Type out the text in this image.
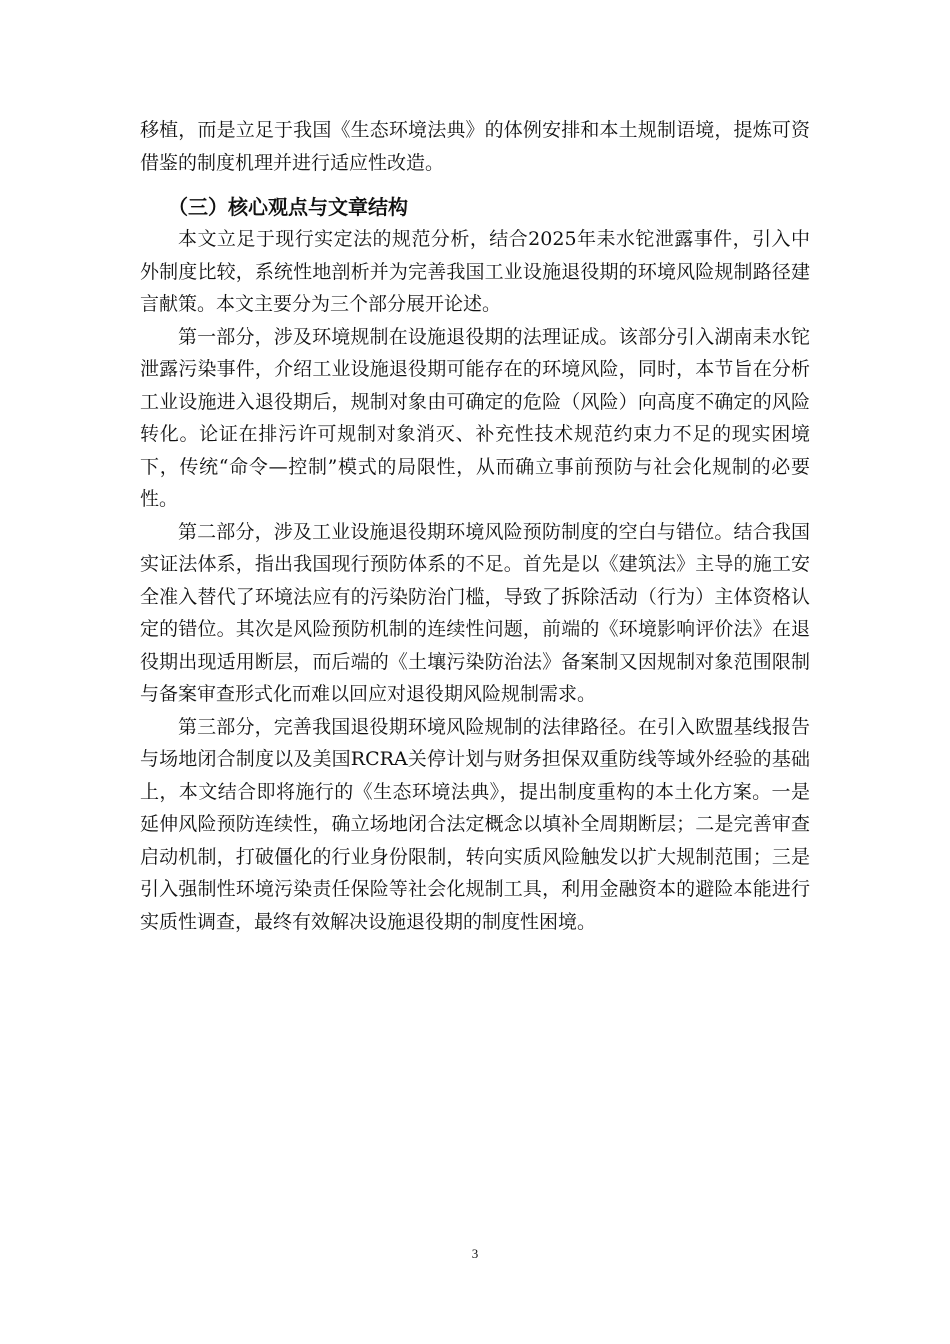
移植，而是立足于我国《生态环境法典》的体例安排和本土规制语境，提炼可资借鉴的制度机理并进行适应性改造。

（三）核心观点与文章结构

本文立足于现行实定法的规范分析，结合2025年耒水铊泄露事件，引入中外制度比较，系统性地剖析并为完善我国工业设施退役期的环境风险规制路径建言献策。本文主要分为三个部分展开论述。

第一部分，涉及环境规制在设施退役期的法理证成。该部分引入湖南耒水铊泄露污染事件，介绍工业设施退役期可能存在的环境风险，同时，本节旨在分析工业设施进入退役期后，规制对象由可确定的危险（风险）向高度不确定的风险转化。论证在排污许可规制对象消灭、补充性技术规范约束力不足的现实困境下，传统“命令—控制”模式的局限性，从而确立事前预防与社会化规制的必要性。

第二部分，涉及工业设施退役期环境风险预防制度的空白与错位。结合我国实证法体系，指出我国现行预防体系的不足。首先是以《建筑法》主导的施工安全准入替代了环境法应有的污染防治门槛，导致了拆除活动（行为）主体资格认定的错位。其次是风险预防机制的连续性问题，前端的《环境影响评价法》在退役期出现适用断层，而后端的《土壤污染防治法》备案制又因规制对象范围限制与备案审查形式化而难以回应对退役期风险规制需求。

第三部分，完善我国退役期环境风险规制的法律路径。在引入欧盟基线报告与场地闭合制度以及美国RCRA关停计划与财务担保双重防线等域外经验的基础上，本文结合即将施行的《生态环境法典》，提出制度重构的本土化方案。一是延伸风险预防连续性，确立场地闭合法定概念以填补全周期断层；二是完善审查启动机制，打破僵化的行业身份限制，转向实质风险触发以扩大规制范围；三是引入强制性环境污染责任保险等社会化规制工具，利用金融资本的避险本能进行实质性调查，最终有效解决设施退役期的制度性困境。

3
